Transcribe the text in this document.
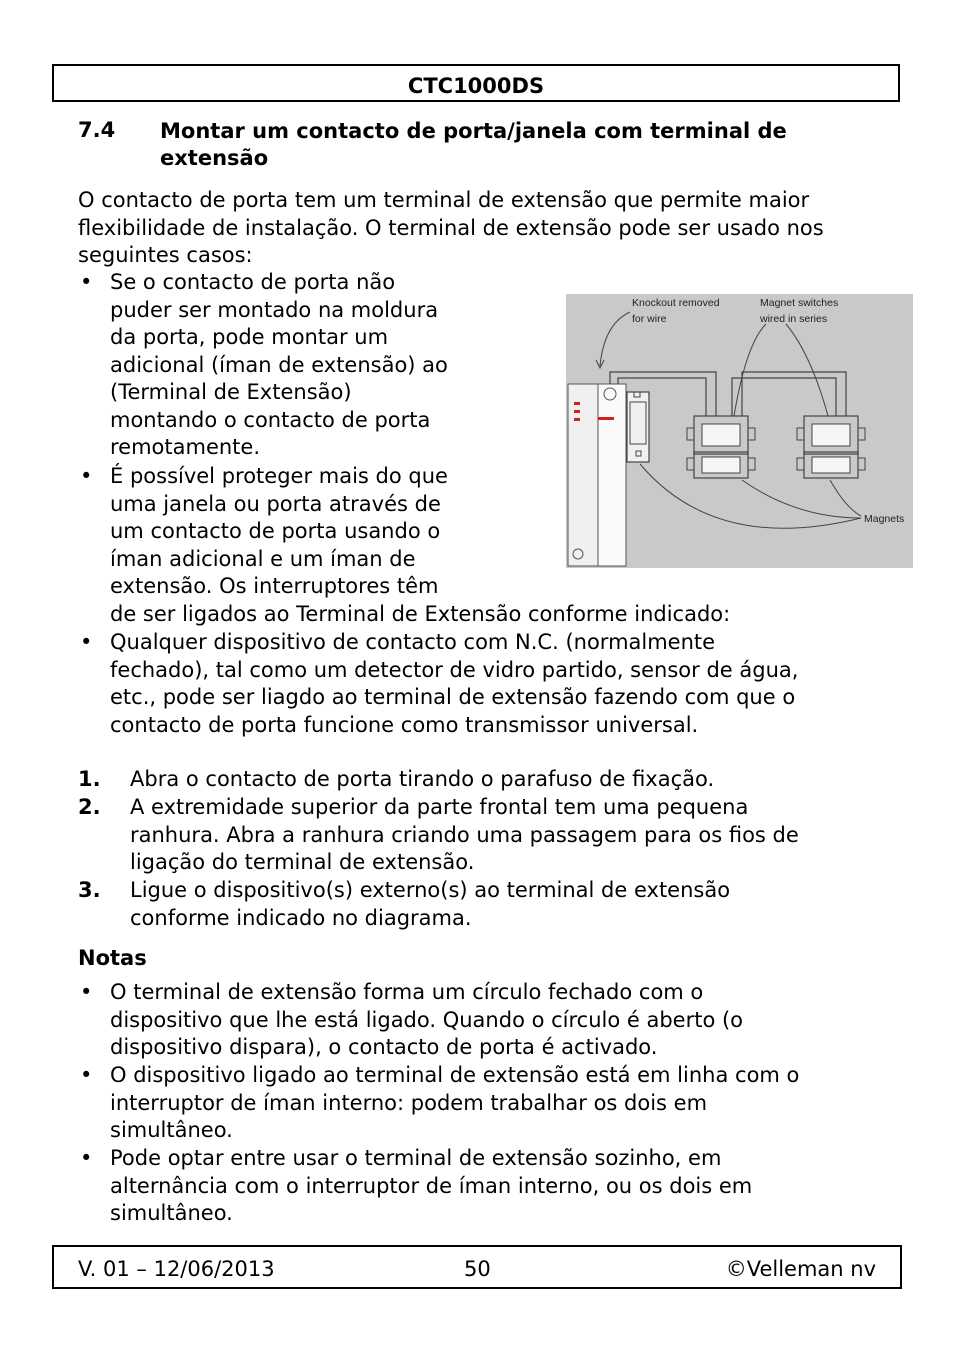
CTC1000DS
7.4 Montar um contacto de porta/janela com terminal de extensão
O contacto de porta tem um terminal de extensão que permite maior flexibilidade de instalação. O terminal de extensão pode ser usado nos seguintes casos:
• Se o contacto de porta não
puder ser montado na moldura
da porta, pode montar um
adicional (íman de extensão) ao
(Terminal de Extensão)
montando o contacto de porta
remotamente.
• É possível proteger mais do que
uma janela ou porta através de
um contacto de porta usando o
íman adicional e um íman de
extensão. Os interruptores têm
de ser ligados ao Terminal de Extensão conforme indicado:
• Qualquer dispositivo de contacto com N.C. (normalmente
fechado), tal como um detector de vidro partido, sensor de água,
etc., pode ser liagdo ao terminal de extensão fazendo com que o
contacto de porta funcione como transmissor universal.
Knockout removed
for wire
Magnet switches
wired in series
Magnets
1. Abra o contacto de porta tirando o parafuso de fixação.
2. A extremidade superior da parte frontal tem uma pequena
ranhura. Abra a ranhura criando uma passagem para os fios de
ligação do terminal de extensão.
3. Ligue o dispositivo(s) externo(s) ao terminal de extensão
conforme indicado no diagrama.
Notas
• O terminal de extensão forma um círculo fechado com o
dispositivo que lhe está ligado. Quando o círculo é aberto (o
dispositivo dispara), o contacto de porta é activado.
• O dispositivo ligado ao terminal de extensão está em linha com o
interruptor de íman interno: podem trabalhar os dois em
simultâneo.
• Pode optar entre usar o terminal de extensão sozinho, em
alternância com o interruptor de íman interno, ou os dois em
simultâneo.
V. 01 – 12/06/2013	50	©Velleman nv
